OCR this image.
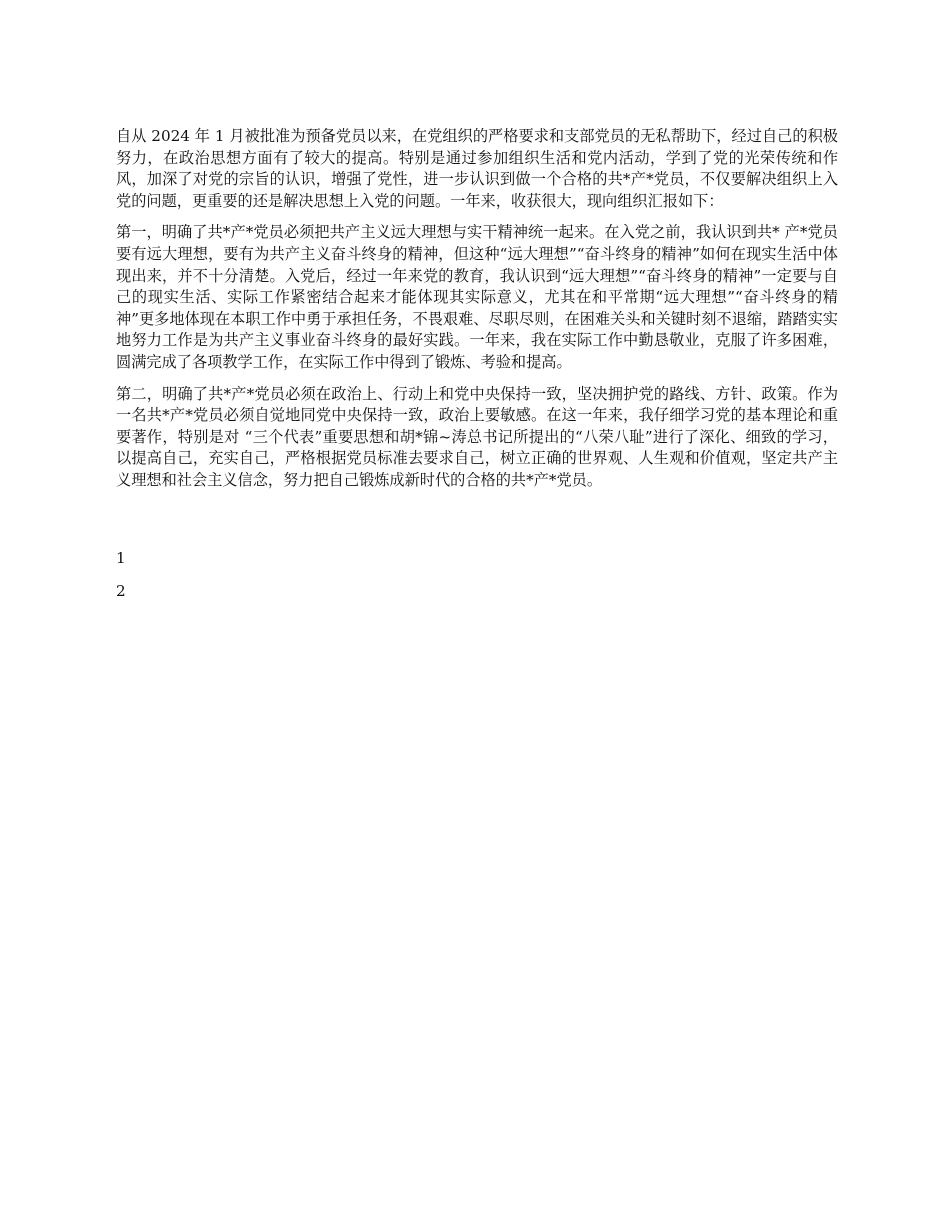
自从 2024 年 1 月被批准为预备党员以来，在党组织的严格要求和支部党员的无私帮助下，经过自己的积极努力，在政治思想方面有了较大的提高。特别是通过参加组织生活和党内活动，学到了党的光荣传统和作风，加深了对党的宗旨的认识，增强了党性，进一步认识到做一个合格的共*产*党员，不仅要解决组织上入党的问题，更重要的还是解决思想上入党的问题。一年来，收获很大，现向组织汇报如下：

第一，明确了共*产*党员必须把共产主义远大理想与实干精神统一起来。在入党之前，我认识到共* 产*党员要有远大理想，要有为共产主义奋斗终身的精神，但这种“远大理想”“奋斗终身的精神”如何在现实生活中体现出来，并不十分清楚。入党后，经过一年来党的教育，我认识到“远大理想”“奋斗终身的精神”一定要与自己的现实生活、实际工作紧密结合起来才能体现其实际意义，尤其在和平常期“远大理想”“奋斗终身的精神”更多地体现在本职工作中勇于承担任务，不畏艰难、尽职尽则，在困难关头和关键时刻不退缩，踏踏实实地努力工作是为共产主义事业奋斗终身的最好实践。一年来，我在实际工作中勤恳敬业，克服了许多困难，圆满完成了各项教学工作，在实际工作中得到了锻炼、考验和提高。

第二，明确了共*产*党员必须在政治上、行动上和党中央保持一致，坚决拥护党的路线、方针、政策。作为一名共*产*党员必须自觉地同党中央保持一致，政治上要敏感。在这一年来，我仔细学习党的基本理论和重要著作，特别是对 “三个代表”重要思想和胡*锦~涛总书记所提出的“八荣八耻”进行了深化、细致的学习，以提高自己，充实自己，严格根据党员标准去要求自己，树立正确的世界观、人生观和价值观，坚定共产主义理想和社会主义信念，努力把自己锻炼成新时代的合格的共*产*党员。

1
2
